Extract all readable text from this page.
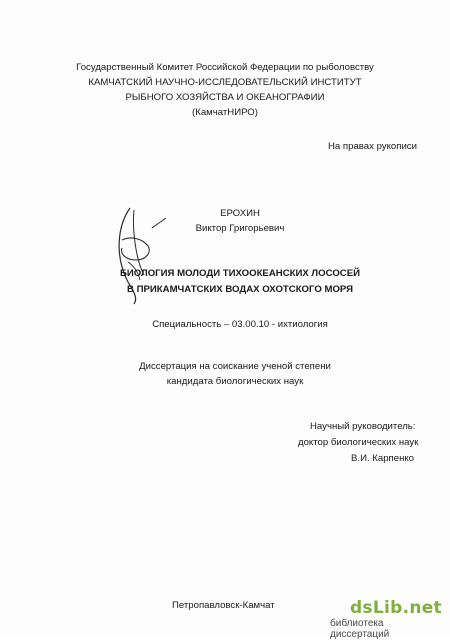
Государственный Комитет Российской Федерации по рыболовству
КАМЧАТСКИЙ НАУЧНО-ИССЛЕДОВАТЕЛЬСКИЙ ИНСТИТУТ
РЫБНОГО ХОЗЯЙСТВА И ОКЕАНОГРАФИИ
(КамчатНИРО)
На правах рукописи
ЕРОХИН
Виктор Григорьевич
БИОЛОГИЯ МОЛОДИ ТИХООКЕАНСКИХ ЛОСОСЕЙ
В ПРИКАМЧАТСКИХ ВОДАХ ОХОТСКОГО МОРЯ
Специальность – 03.00.10 - ихтиология
Диссертация на соискание ученой степени
кандидата биологических наук
Научный руководитель:
доктор биологических наук
В.И. Карпенко
Петропавловск-Камчат	dsLib.net
библиотека диссертаций
